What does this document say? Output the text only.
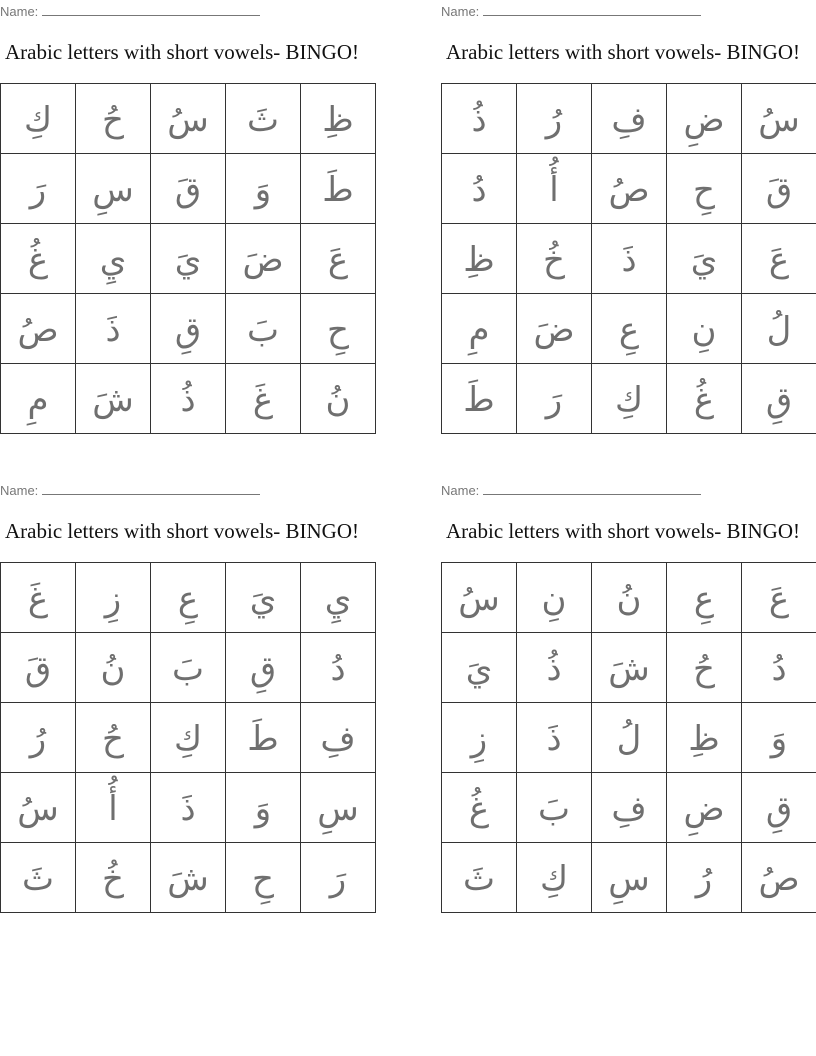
Name:
Arabic letters with short vowels- BINGO!
كِ	حُ	سُ	ثَ	ظِ
رَ	سِ	قَ	وَ	طَ
غُ	يِ	يَ	ضَ	عَ
صُ	ذَ	قِ	بَ	حِ
مِ	شَ	ذُ	غَ	نُ
Name:
Arabic letters with short vowels- BINGO!
ذُ	رُ	فِ	ضِ سُ
دُ	أُ	صُ	حِ	قَ
ظِ	خُ	ذَ	يَ	عَ
مِ	ضَ	عِ	نِ	لُ
طَ	رَ	كِ	غُ	قِ
Name:
Arabic letters with short vowels- BINGO!
غَ	زِ	عِ	يَ	يِ
قَ	نُ	بَ	قِ	دُ
رُ	حُ	كِ	طَ	فِ
سُ	أُ	ذَ	وَ	سِ
ثَ	خُ	شَ	حِ	رَ
Name:
Arabic letters with short vowels- BINGO!
سُ	نِ	نُ	عِ	عَ
يَ	ذُ	شَ	حُ	دُ
زِ	ذَ	لُ	ظِ	وَ
غُ	بَ	فِ	ضِ	قِ
ثَ	كِ	سِ	رُ	صُ
